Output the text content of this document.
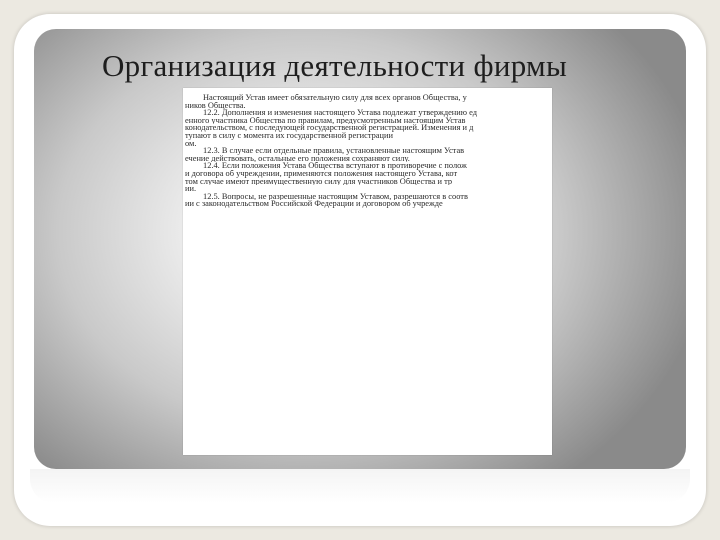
Организация деятельности фирмы
Настоящий Устав имеет обязательную силу для всех органов Общества, у
ников Общества.
12.2. Дополнения и изменения настоящего Устава подлежат утверждению ед
енного участника Общества по правилам, предусмотренным настоящим Устав
конодательством, с последующей государственной регистрацией. Изменения и д
тупают в силу с момента их государственной регистрации
ом.
12.3. В случае если отдельные правила, установленные настоящим Устав
ечение действовать, остальные его положения сохраняют силу.
12.4. Если положения Устава Общества вступают в противоречие с полож
и договора об учреждении, применяются положения настоящего Устава, кот
том случае имеют преимущественную силу для участников Общества и тр
ии.
12.5. Вопросы, не разрешенные настоящим Уставом, разрешаются в соотв
ии с законодательством Российской Федерации и договором об учрежде
